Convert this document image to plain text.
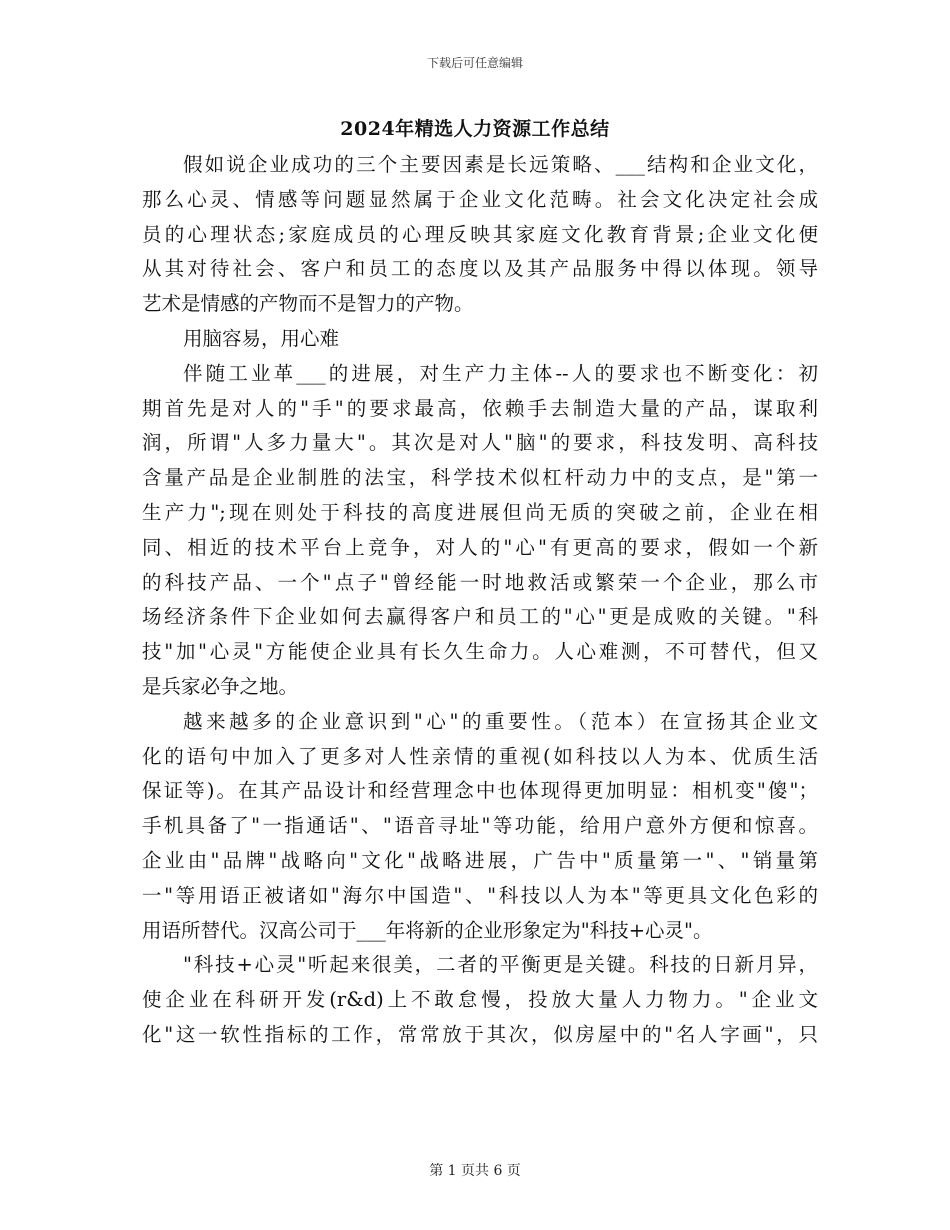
下载后可任意编辑
2024年精选人力资源工作总结
假如说企业成功的三个主要因素是长远策略、___结构和企业文化，
那么心灵、情感等问题显然属于企业文化范畴。社会文化决定社会成
员的心理状态;家庭成员的心理反映其家庭文化教育背景;企业文化便
从其对待社会、客户和员工的态度以及其产品服务中得以体现。领导
艺术是情感的产物而不是智力的产物。
用脑容易，用心难
伴随工业革___的进展，对生产力主体--人的要求也不断变化：初
期首先是对人的"手"的要求最高，依赖手去制造大量的产品，谋取利
润，所谓"人多力量大"。其次是对人"脑"的要求，科技发明、高科技
含量产品是企业制胜的法宝，科学技术似杠杆动力中的支点，是"第一
生产力";现在则处于科技的高度进展但尚无质的突破之前，企业在相
同、相近的技术平台上竞争，对人的"心"有更高的要求，假如一个新
的科技产品、一个"点子"曾经能一时地救活或繁荣一个企业，那么市
场经济条件下企业如何去赢得客户和员工的"心"更是成败的关键。"科
技"加"心灵"方能使企业具有长久生命力。人心难测，不可替代，但又
是兵家必争之地。
越来越多的企业意识到"心"的重要性。（范本）在宣扬其企业文
化的语句中加入了更多对人性亲情的重视(如科技以人为本、优质生活
保证等)。在其产品设计和经营理念中也体现得更加明显：相机变"傻"；
手机具备了"一指通话"、"语音寻址"等功能，给用户意外方便和惊喜。
企业由"品牌"战略向"文化"战略进展，广告中"质量第一"、"销量第
一"等用语正被诸如"海尔中国造"、"科技以人为本"等更具文化色彩的
用语所替代。汉高公司于___年将新的企业形象定为"科技+心灵"。
"科技+心灵"听起来很美，二者的平衡更是关键。科技的日新月异，
使企业在科研开发(r&d)上不敢怠慢，投放大量人力物力。"企业文
化"这一软性指标的工作，常常放于其次，似房屋中的"名人字画"，只
第 1 页共 6 页
